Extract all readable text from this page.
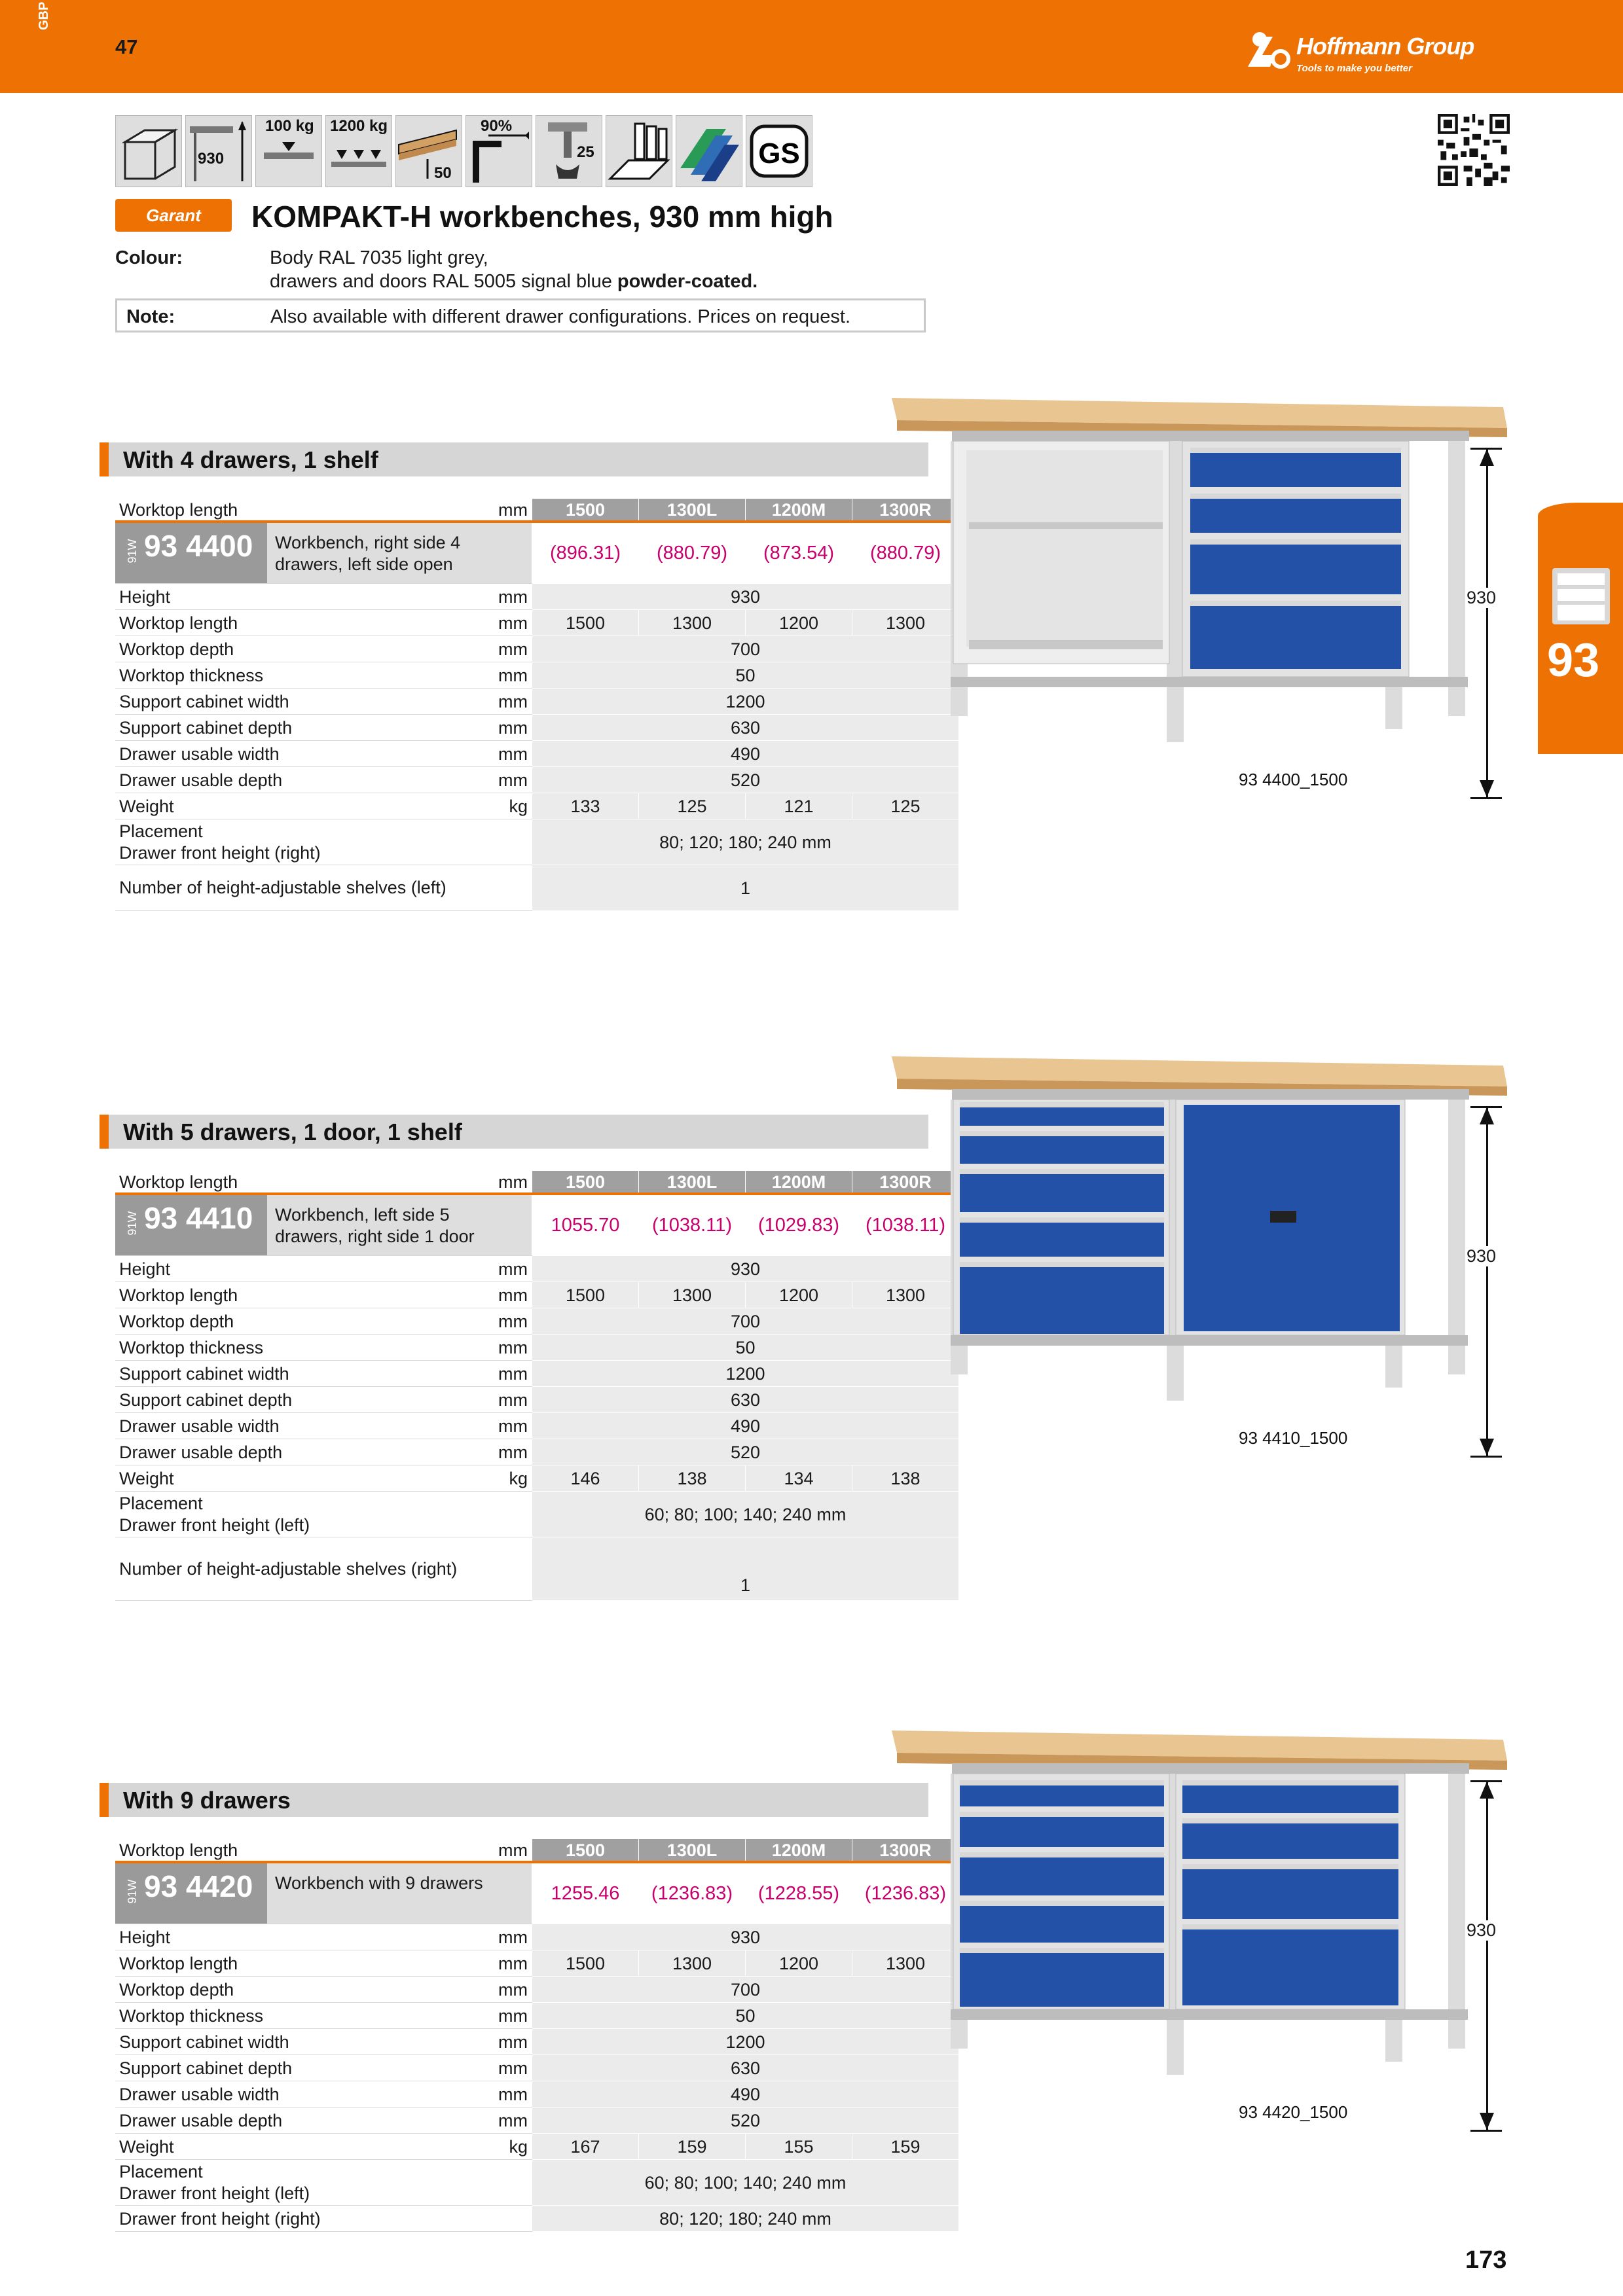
GBP
47	Hoffmann Group
Tools to make you better
930
100 kg 1200 kg
50
90%
25	GS
Garant	KOMPAKT-H workbenches, 930 mm high
Colour:	Body RAL 7035 light grey,
drawers and doors RAL 5005 signal blue powder-coated.
Note:	Also available with different drawer configurations. Prices on request.
With 4 drawers, 1 shelf
Worktop length	mm	1500	1300L	1200M	1300R

91W 93 4400 Workbench, right side 4 drawers, left side open		(896.31)	(880.79)	(873.54)	(880.79)
Height	mm	930			
Worktop length	mm	1500	1300	1200	1300
Worktop depth	mm	700			
Worktop thickness	mm	50			
Support cabinet width	mm	1200			
Support cabinet depth	mm	630			
Drawer usable width	mm	490			
Drawer usable depth	mm	520			
Weight	kg	133	125	121	125

Placement
Drawer front height (right)		80; 120; 180; 240 mm			
Number of height-adjustable shelves (left)		1			
With 5 drawers, 1 door, 1 shelf
Worktop length	mm	1500	1300L	1200M	1300R

91W 93 4410 Workbench, left side 5 drawers, right side 1 door		1055.70	(1038.11)	(1029.83)	(1038.11)
Height	mm	930			
Worktop length	mm	1500	1300	1200	1300
Worktop depth	mm	700			
Worktop thickness	mm	50			
Support cabinet width	mm	1200			
Support cabinet depth	mm	630			
Drawer usable width	mm	490			
Drawer usable depth	mm	520			
Weight	kg	146	138	134	138

Placement
Drawer front height (left)		60; 80; 100; 140; 240 mm			
Number of height-adjustable shelves (right)		1			
With 9 drawers
Worktop length	mm	1500	1300L	1200M	1300R

91W 93 4420 Workbench with 9 drawers		1255.46	(1236.83)	(1228.55)	(1236.83)
Height	mm	930			
Worktop length	mm	1500	1300	1200	1300
Worktop depth	mm	700			
Worktop thickness	mm	50			
Support cabinet width	mm	1200			
Support cabinet depth	mm	630			
Drawer usable width	mm	490			
Drawer usable depth	mm	520			
Weight	kg	167	159	155	159

Placement
Drawer front height (left)		60; 80; 100; 140; 240 mm			
Drawer front height (right)		80; 120; 180; 240 mm			
930
93 4400_1500
930
93 4410_1500
930
93 4420_1500
93
173
